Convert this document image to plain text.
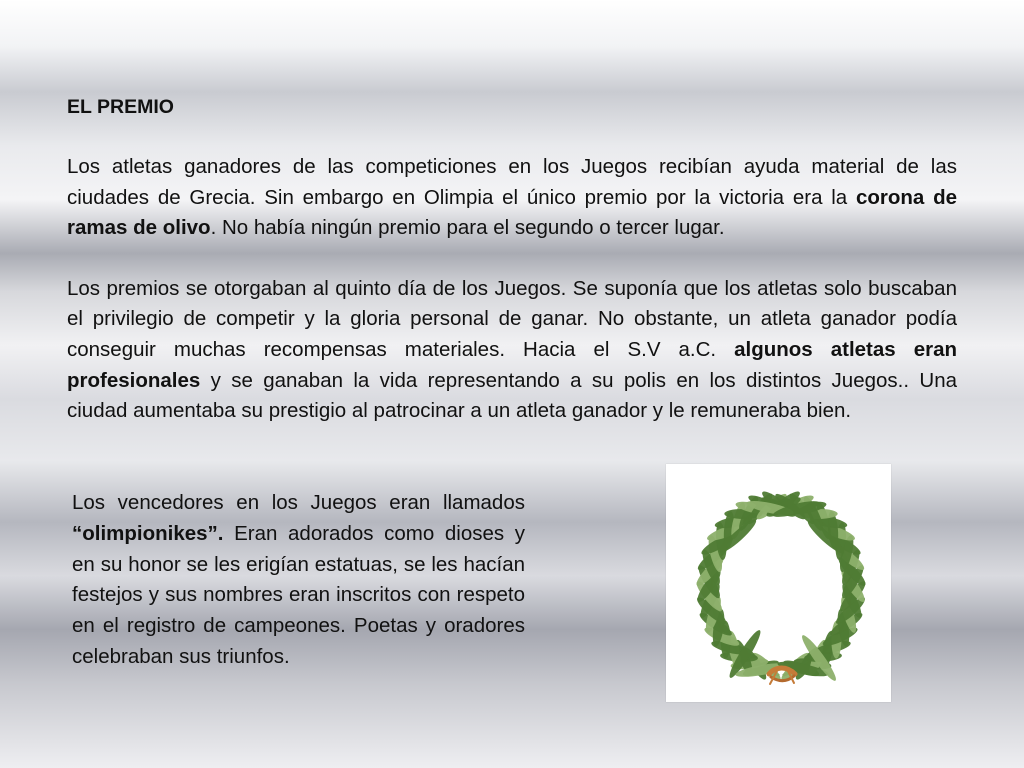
EL PREMIO

Los atletas ganadores de las competiciones en los Juegos recibían ayuda material de las ciudades de Grecia. Sin embargo en Olimpia el único premio por la victoria era la corona de ramas de olivo. No había ningún premio para el segundo o tercer lugar.

Los premios se otorgaban al quinto día de los Juegos. Se suponía que los atletas solo buscaban el privilegio de competir y la gloria personal de ganar. No obstante, un atleta ganador podía conseguir muchas recompensas materiales. Hacia el S.V a.C. algunos atletas eran profesionales y se ganaban la vida representando a su polis en los distintos Juegos.. Una ciudad aumentaba su prestigio al patrocinar a un atleta ganador y le remuneraba bien.

Los vencedores en los Juegos eran llamados “olimpionikes”. Eran adorados como dioses y en su honor se les erigían estatuas, se les hacían festejos y sus nombres eran inscritos con respeto en el registro de campeones. Poetas y oradores celebraban sus triunfos.
